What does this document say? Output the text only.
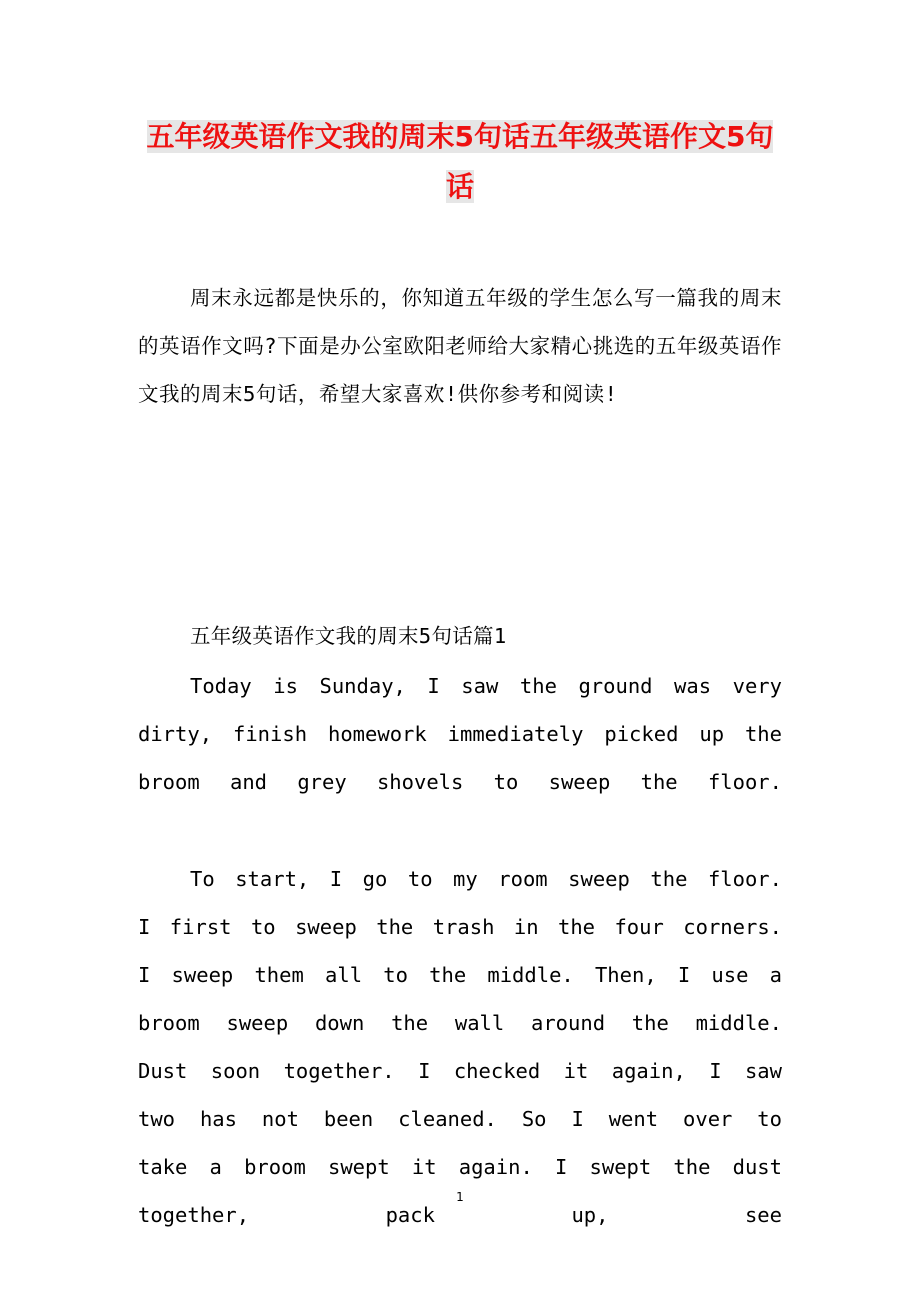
五年级英语作文我的周末5句话五年级英语作文5句话

周末永远都是快乐的，你知道五年级的学生怎么写一篇我的周末的英语作文吗?下面是办公室欧阳老师给大家精心挑选的五年级英语作文我的周末5句话，希望大家喜欢!供你参考和阅读!

五年级英语作文我的周末5句话篇1

Today is Sunday, I saw the ground was very dirty, finish homework immediately picked up the broom and grey shovels to sweep the floor.

To start, I go to my room sweep the floor. I first to sweep the trash in the four corners. I sweep them all to the middle. Then, I use a broom sweep down the wall around the middle. Dust soon together. I checked it again, I saw two has not been cleaned. So I went over to take a broom swept it again. I swept the dust together, pack up, see

1
